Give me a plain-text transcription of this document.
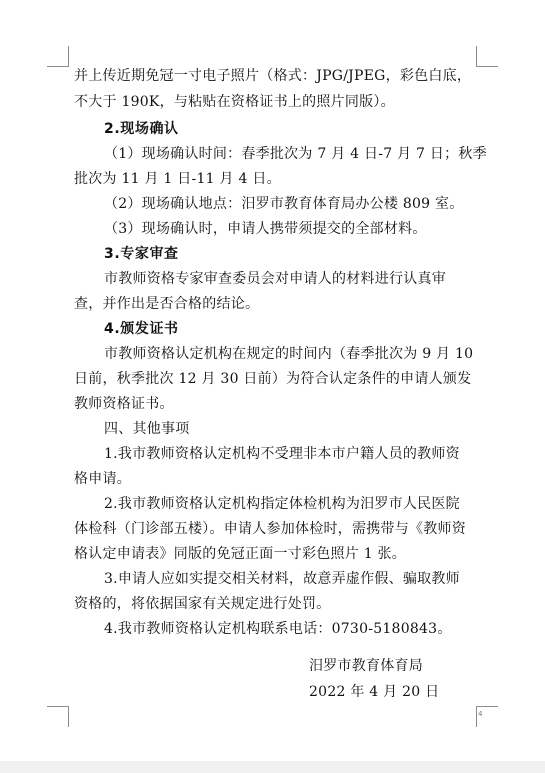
并上传近期免冠一寸电子照片（格式：JPG/JPEG，彩色白底，
不大于 190K，与粘贴在资格证书上的照片同版）。
2.现场确认
（1）现场确认时间：春季批次为 7 月 4 日-7 月 7 日；秋季
批次为 11 月 1 日-11 月 4 日。
（2）现场确认地点：汨罗市教育体育局办公楼 809 室。
（3）现场确认时，申请人携带须提交的全部材料。
3.专家审查
市教师资格专家审查委员会对申请人的材料进行认真审
查，并作出是否合格的结论。
4.颁发证书
市教师资格认定机构在规定的时间内（春季批次为 9 月 10
日前，秋季批次 12 月 30 日前）为符合认定条件的申请人颁发
教师资格证书。
四、其他事项
1.我市教师资格认定机构不受理非本市户籍人员的教师资
格申请。
2.我市教师资格认定机构指定体检机构为汨罗市人民医院
体检科（门诊部五楼）。申请人参加体检时，需携带与《教师资
格认定申请表》同版的免冠正面一寸彩色照片 1 张。
3.申请人应如实提交相关材料，故意弄虚作假、骗取教师
资格的，将依据国家有关规定进行处罚。
4.我市教师资格认定机构联系电话：0730-5180843。
汨罗市教育体育局
2022 年 4 月 20 日
4
